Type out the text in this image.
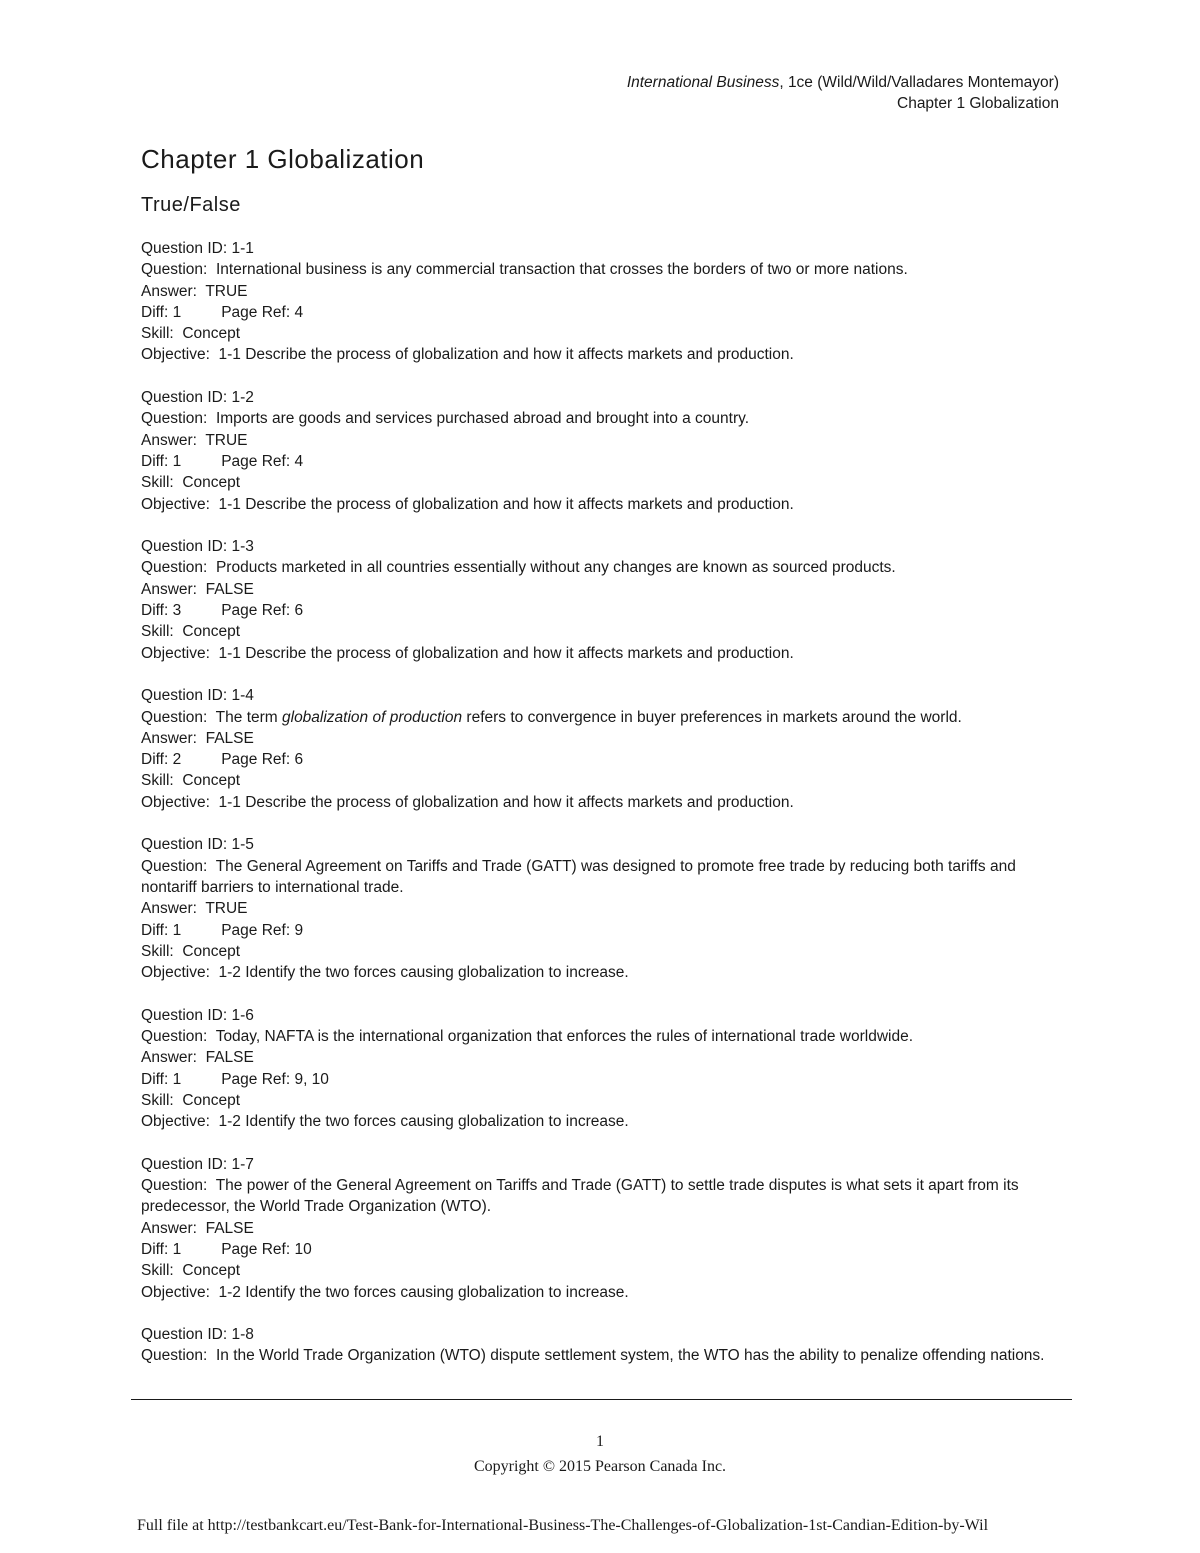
International Business, 1ce (Wild/Wild/Valladares Montemayor)
Chapter 1 Globalization
Chapter 1 Globalization
True/False
Question ID: 1-1
Question:  International business is any commercial transaction that crosses the borders of two or more nations.
Answer:  TRUE
Diff: 1	Page Ref: 4
Skill:  Concept
Objective:  1-1 Describe the process of globalization and how it affects markets and production.
Question ID: 1-2
Question:  Imports are goods and services purchased abroad and brought into a country.
Answer:  TRUE
Diff: 1	Page Ref: 4
Skill:  Concept
Objective:  1-1 Describe the process of globalization and how it affects markets and production.
Question ID: 1-3
Question:  Products marketed in all countries essentially without any changes are known as sourced products.
Answer:  FALSE
Diff: 3	Page Ref: 6
Skill:  Concept
Objective:  1-1 Describe the process of globalization and how it affects markets and production.
Question ID: 1-4
Question:  The term globalization of production refers to convergence in buyer preferences in markets around the world.
Answer:  FALSE
Diff: 2	Page Ref: 6
Skill:  Concept
Objective:  1-1 Describe the process of globalization and how it affects markets and production.
Question ID: 1-5
Question:  The General Agreement on Tariffs and Trade (GATT) was designed to promote free trade by reducing both tariffs and nontariff barriers to international trade.
Answer:  TRUE
Diff: 1	Page Ref: 9
Skill:  Concept
Objective:  1-2 Identify the two forces causing globalization to increase.
Question ID: 1-6
Question:  Today, NAFTA is the international organization that enforces the rules of international trade worldwide.
Answer:  FALSE
Diff: 1	Page Ref: 9, 10
Skill:  Concept
Objective:  1-2 Identify the two forces causing globalization to increase.
Question ID: 1-7
Question:  The power of the General Agreement on Tariffs and Trade (GATT) to settle trade disputes is what sets it apart from its predecessor, the World Trade Organization (WTO).
Answer:  FALSE
Diff: 1	Page Ref: 10
Skill:  Concept
Objective:  1-2 Identify the two forces causing globalization to increase.
Question ID: 1-8
Question:  In the World Trade Organization (WTO) dispute settlement system, the WTO has the ability to penalize offending nations.
1
Copyright © 2015 Pearson Canada Inc.
Full file at http://testbankcart.eu/Test-Bank-for-International-Business-The-Challenges-of-Globalization-1st-Candian-Edition-by-Wil
